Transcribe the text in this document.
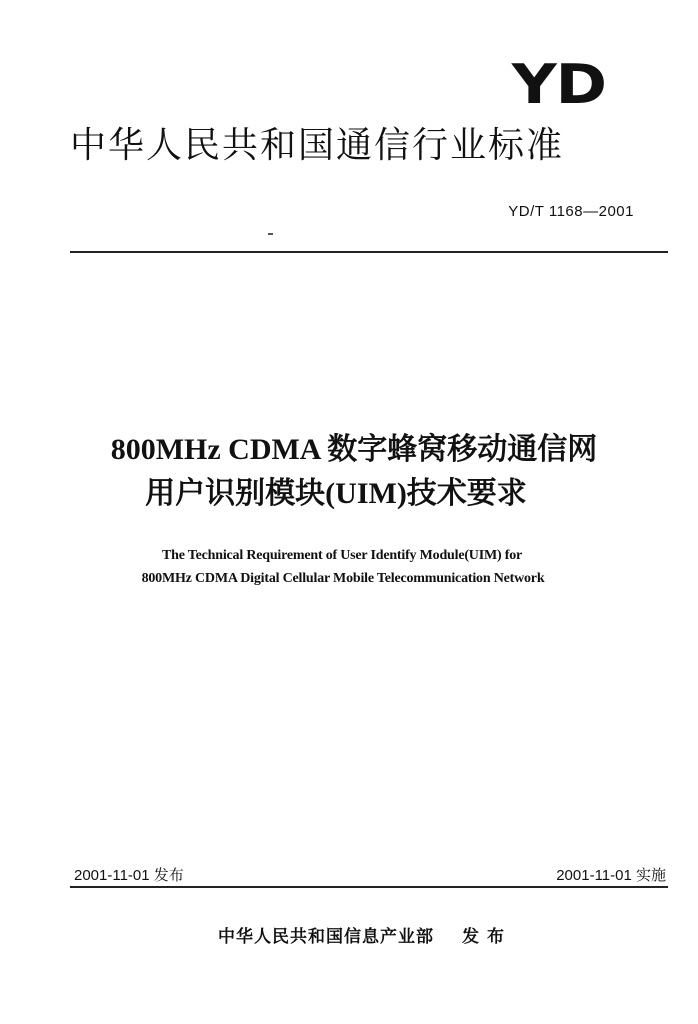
YD
中华人民共和国通信行业标准
YD/T 1168—2001
800MHz CDMA 数字蜂窝移动通信网
用户识别模块(UIM)技术要求
The Technical Requirement of User Identify Module(UIM) for
800MHz CDMA Digital Cellular Mobile Telecommunication Network
2001-11-01 发布	2001-11-01 实施
中华人民共和国信息产业部 发布
